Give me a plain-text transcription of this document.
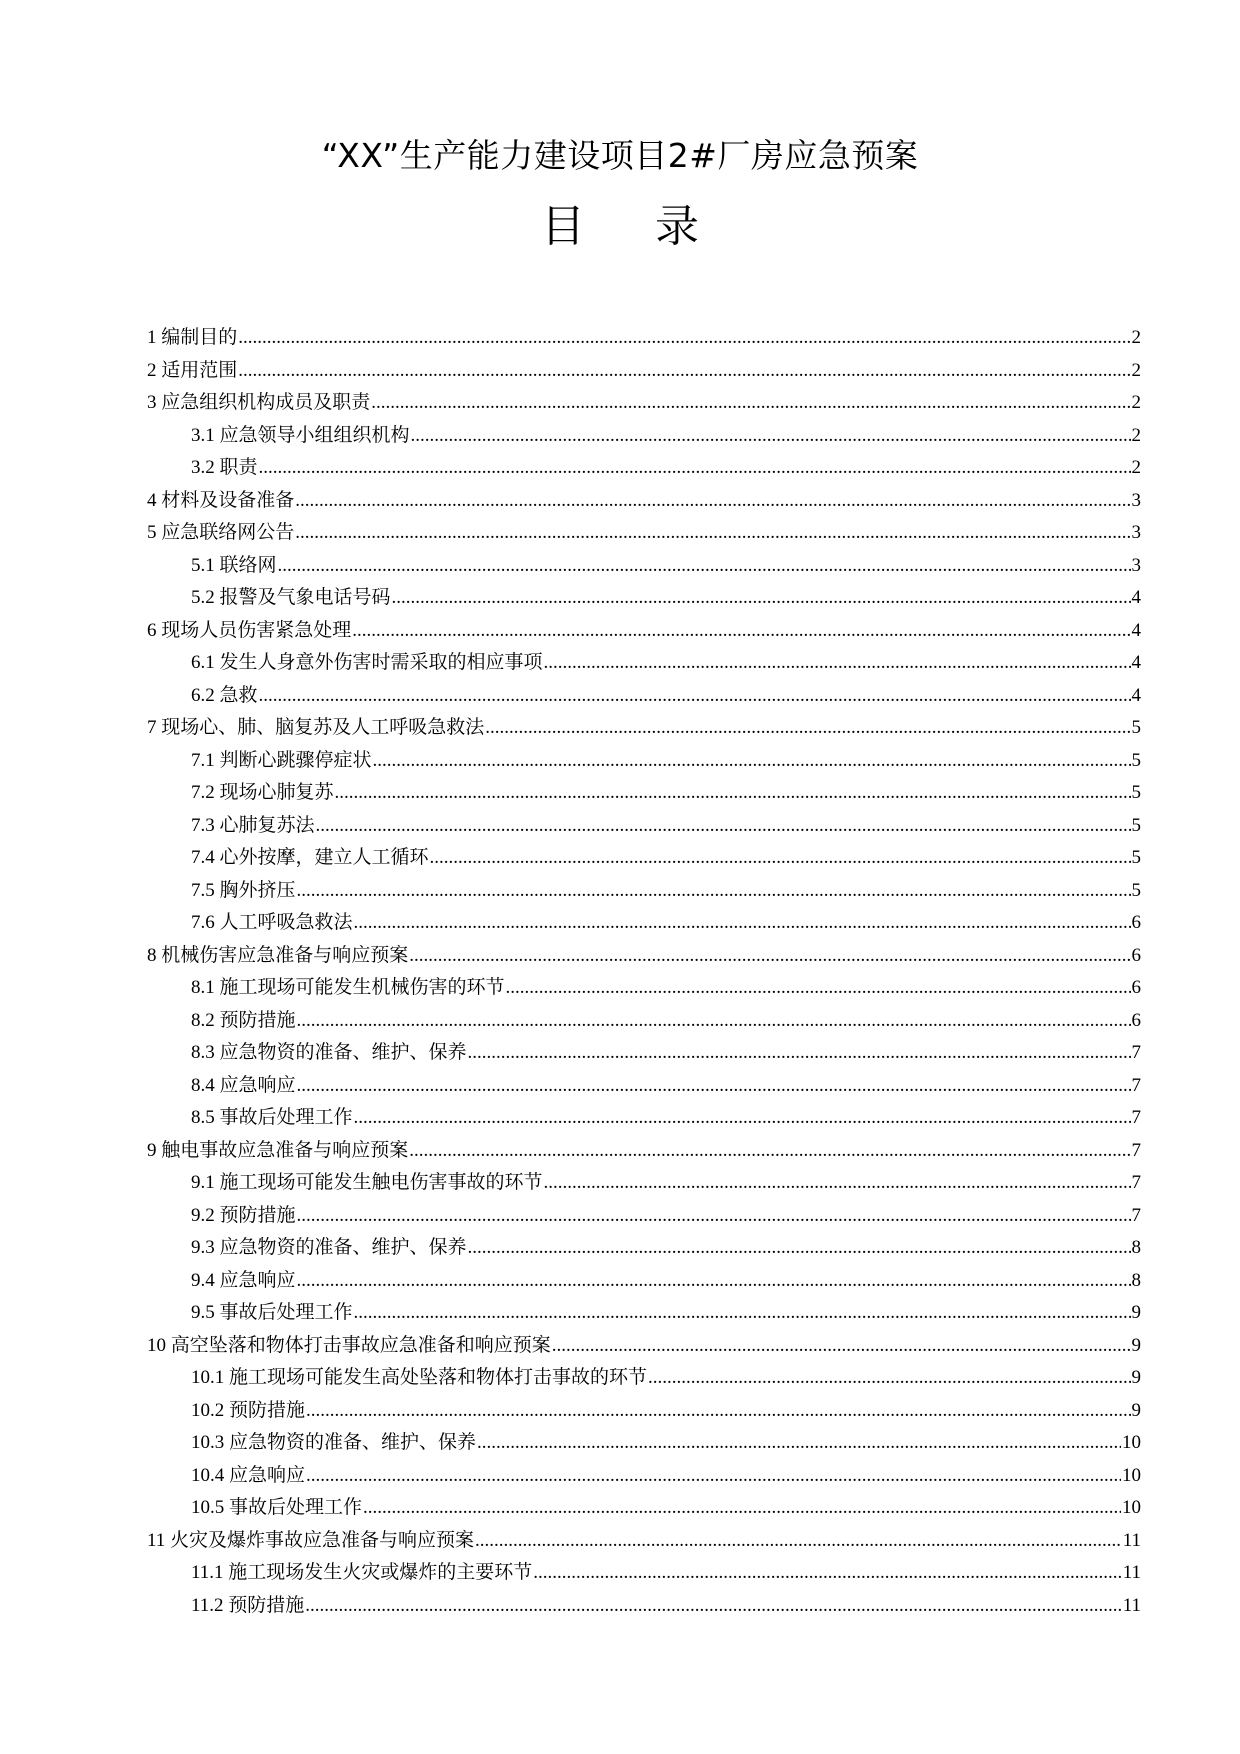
“XX”生产能力建设项目2#厂房应急预案
目 录
1 编制目的 .....	2
2 适用范围 .....	2
3 应急组织机构成员及职责 .....	2
3.1 应急领导小组组织机构 .....	2
3.2 职责 .....	2
4 材料及设备准备 .....	3
5 应急联络网公告 .....	3
5.1 联络网 .....	3
5.2 报警及气象电话号码 .....	4
6 现场人员伤害紧急处理 .....	4
6.1 发生人身意外伤害时需采取的相应事项 .....	4
6.2 急救 .....	4
7 现场心、肺、脑复苏及人工呼吸急救法 .....	5
7.1 判断心跳骤停症状 .....	5
7.2 现场心肺复苏 .....	5
7.3 心肺复苏法 .....	5
7.4 心外按摩，建立人工循环 .....	5
7.5 胸外挤压 .....	5
7.6 人工呼吸急救法 .....	6
8 机械伤害应急准备与响应预案 .....	6
8.1 施工现场可能发生机械伤害的环节 .....	6
8.2 预防措施 .....	6
8.3 应急物资的准备、维护、保养 .....	7
8.4 应急响应 .....	7
8.5 事故后处理工作 .....	7
9 触电事故应急准备与响应预案 .....	7
9.1 施工现场可能发生触电伤害事故的环节 .....	7
9.2 预防措施 .....	7
9.3 应急物资的准备、维护、保养 .....	8
9.4 应急响应 .....	8
9.5 事故后处理工作 .....	9
10 高空坠落和物体打击事故应急准备和响应预案 .....	9
10.1 施工现场可能发生高处坠落和物体打击事故的环节 .....	9
10.2 预防措施 .....	9
10.3 应急物资的准备、维护、保养 .....	10
10.4 应急响应 .....	10
10.5 事故后处理工作 .....	10
11 火灾及爆炸事故应急准备与响应预案 .....	11
11.1 施工现场发生火灾或爆炸的主要环节 .....	11
11.2 预防措施 .....	11
